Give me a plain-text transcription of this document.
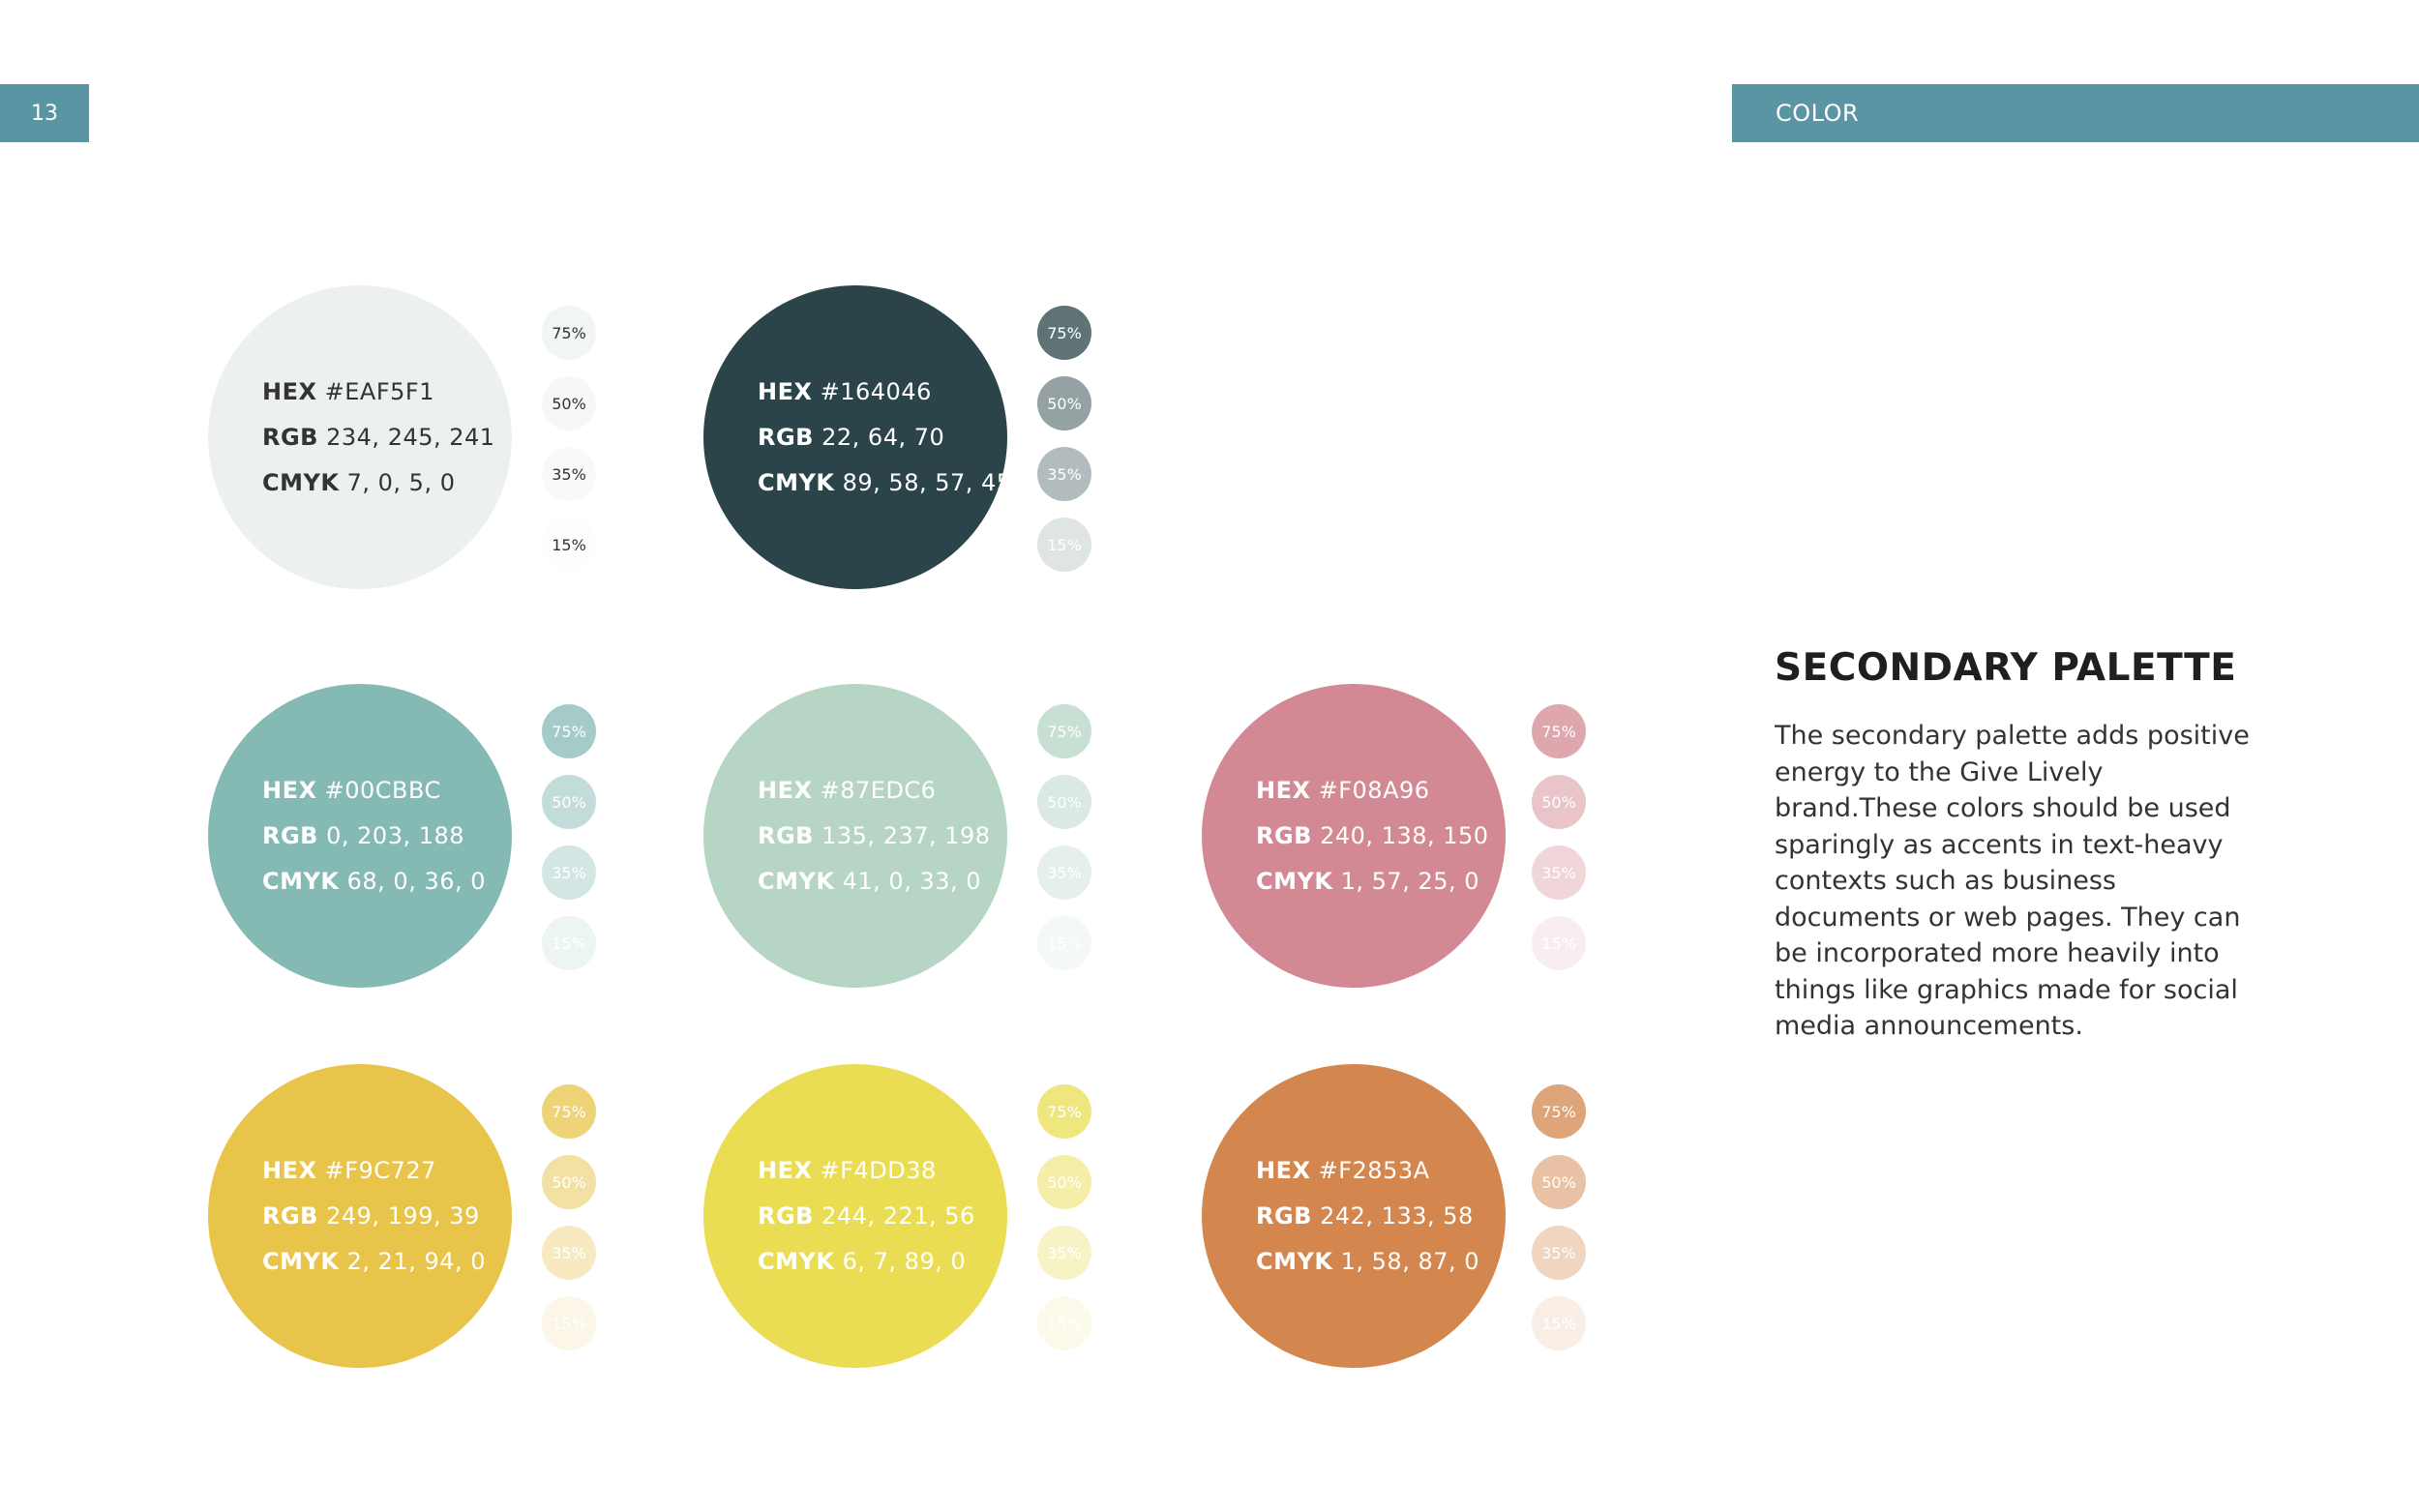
13	COLOR
HEX #EAF5F1
RGB 234, 245, 241
CMYK 7, 0, 5, 0
75%
50%
35%
15%
HEX #164046
RGB 22, 64, 70
CMYK 89, 58, 57, 45
75%
50%
35%
15%
HEX #00CBBC
RGB 0, 203, 188
CMYK 68, 0, 36, 0
75%
50%
35%
15%
HEX #87EDC6
RGB 135, 237, 198
CMYK 41, 0, 33, 0
75%
50%
35%
15%
HEX #F08A96
RGB 240, 138, 150
CMYK 1, 57, 25, 0
75%
50%
35%
15%
HEX #F9C727
RGB 249, 199, 39
CMYK 2, 21, 94, 0
75%
50%
35%
15%
HEX #F4DD38
RGB 244, 221, 56
CMYK 6, 7, 89, 0
75%
50%
35%
15%
HEX #F2853A
RGB 242, 133, 58
CMYK 1, 58, 87, 0
75%
50%
35%
15%
SECONDARY PALETTE

The secondary palette adds positive energy to the Give Lively brand.These colors should be used sparingly as accents in text-heavy contexts such as business documents or web pages. They can be incorporated more heavily into things like graphics made for social media announcements.
